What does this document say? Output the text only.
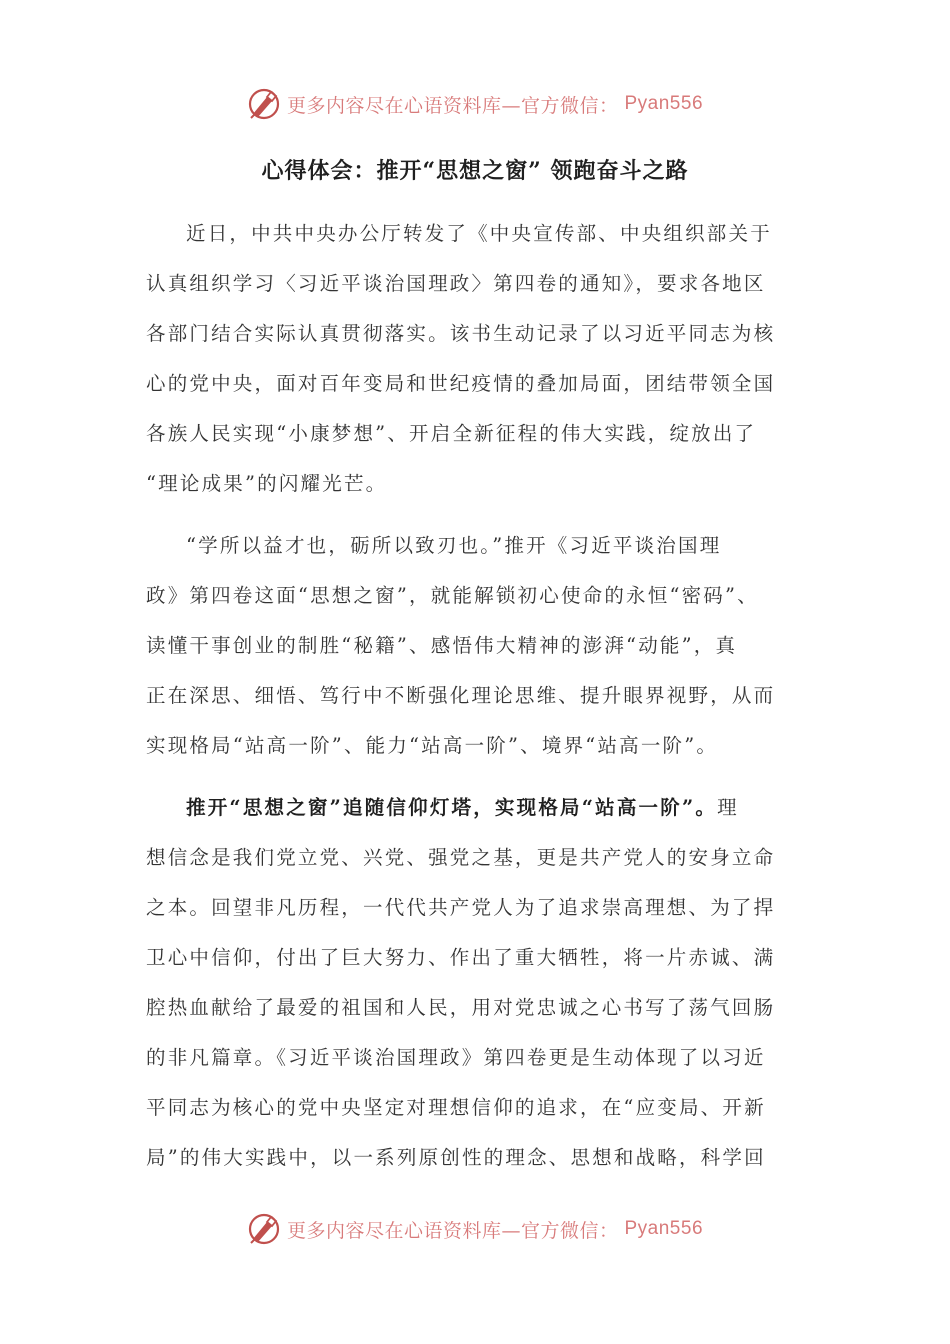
更多内容尽在心语资料库—官方微信： Pyan556
心得体会：推开“思想之窗” 领跑奋斗之路
近日，中共中央办公厅转发了《中央宣传部、中央组织部关于
认真组织学习〈习近平谈治国理政〉第四卷的通知》，要求各地区
各部门结合实际认真贯彻落实。该书生动记录了以习近平同志为核
心的党中央，面对百年变局和世纪疫情的叠加局面，团结带领全国
各族人民实现“小康梦想”、开启全新征程的伟大实践，绽放出了
“理论成果”的闪耀光芒。
“学所以益才也，砺所以致刃也。”推开《习近平谈治国理
政》第四卷这面“思想之窗”，就能解锁初心使命的永恒“密码”、
读懂干事创业的制胜“秘籍”、感悟伟大精神的澎湃“动能”，真
正在深思、细悟、笃行中不断强化理论思维、提升眼界视野，从而
实现格局“站高一阶”、能力“站高一阶”、境界“站高一阶”。
推开“思想之窗”追随信仰灯塔，实现格局“站高一阶”。理
想信念是我们党立党、兴党、强党之基，更是共产党人的安身立命
之本。回望非凡历程，一代代共产党人为了追求崇高理想、为了捍
卫心中信仰，付出了巨大努力、作出了重大牺牲，将一片赤诚、满
腔热血献给了最爱的祖国和人民，用对党忠诚之心书写了荡气回肠
的非凡篇章。《习近平谈治国理政》第四卷更是生动体现了以习近
平同志为核心的党中央坚定对理想信仰的追求，在“应变局、开新
局”的伟大实践中，以一系列原创性的理念、思想和战略，科学回
更多内容尽在心语资料库—官方微信： Pyan556
